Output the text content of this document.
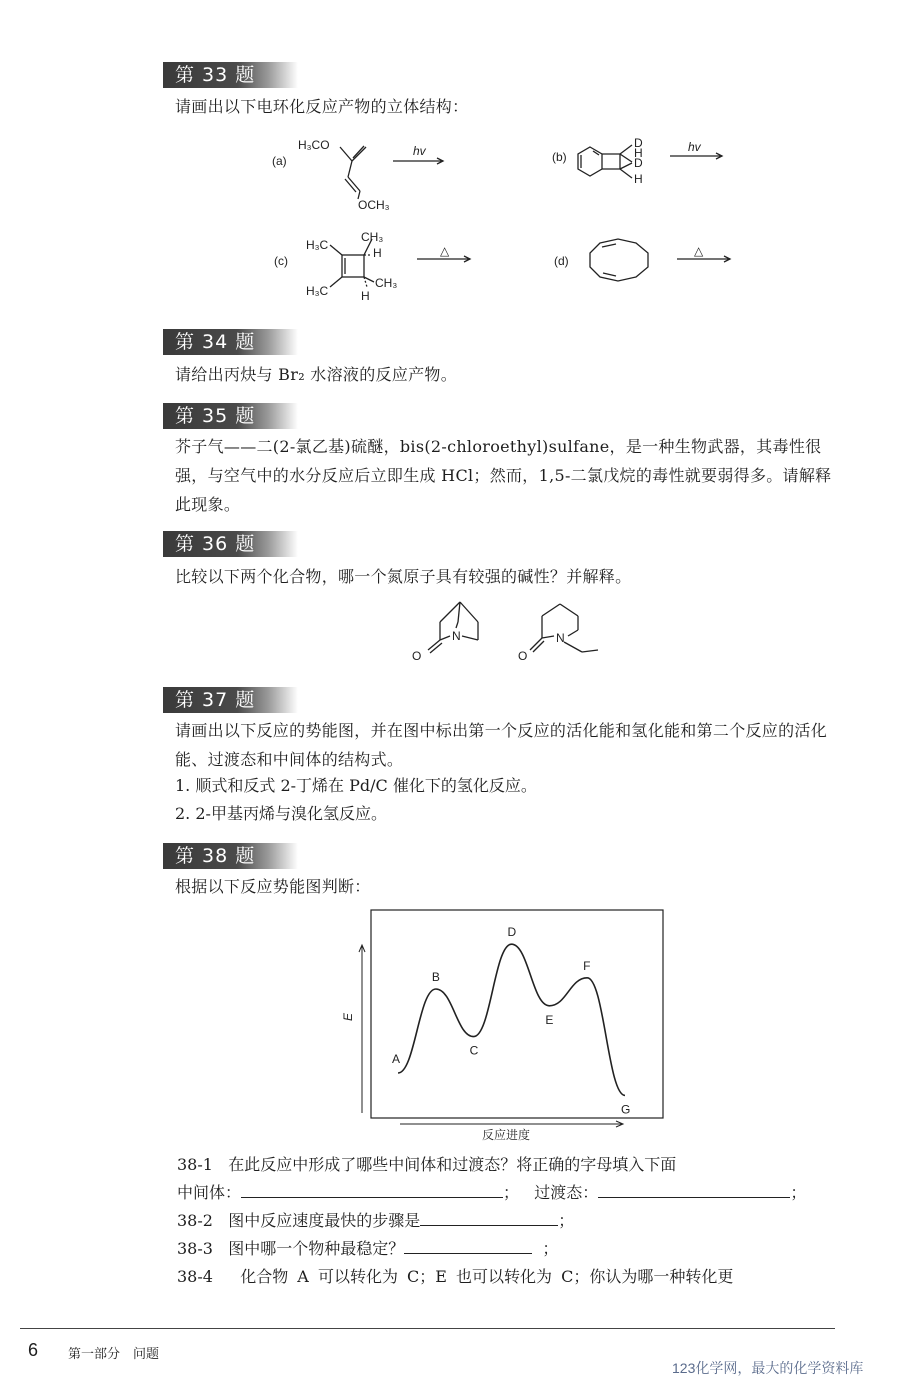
第 33 题
请画出以下电环化反应产物的立体结构：
(a)
H₃CO
OCH₃
hv	(b)
D
D
H
H
hv
(c)
H₃C
CH₃
H
H₃C
CH₃
H
△
(d)
△
第 34 题
请给出丙炔与 Br₂ 水溶液的反应产物。
第 35 题
芥子气——二(2-氯乙基)硫醚，bis(2-chloroethyl)sulfane，是一种生物武器，其毒性很强，与空气中的水分反应后立即生成 HCl；然而，1,5-二氯戊烷的毒性就要弱得多。请解释此现象。
第 36 题
比较以下两个化合物，哪一个氮原子具有较强的碱性？并解释。
N
O
N
O
第 37 题
请画出以下反应的势能图，并在图中标出第一个反应的活化能和氢化能和第二个反应的活化能、过渡态和中间体的结构式。
1. 顺式和反式 2-丁烯在 Pd/C 催化下的氢化反应。
2. 2-甲基丙烯与溴化氢反应。
第 38 题
根据以下反应势能图判断：
E
反应进度
A
B
C
D
E
F
G
38-1 在此反应中形成了哪些中间体和过渡态？将正确的字母填入下面
中间体：	； 过渡态：	；
38-2 图中反应速度最快的步骤是	；
38-3 图中哪一个物种最稳定？	；
38-4 化合物 A 可以转化为 C；E 也可以转化为 C；你认为哪一种转化更
6 第一部分　问题
123化学网，最大的化学资料库
